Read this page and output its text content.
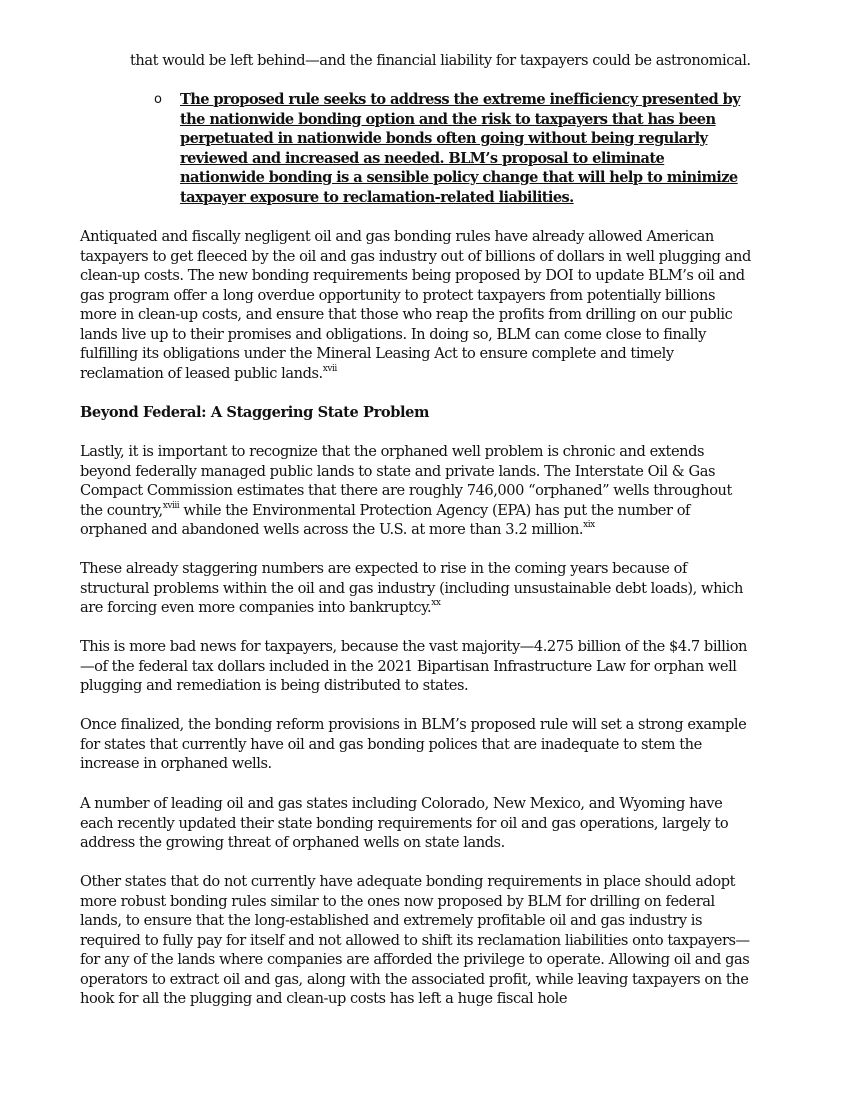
that would be left behind—and the financial liability for taxpayers could be astronomical.

o The proposed rule seeks to address the extreme inefficiency presented by the nationwide bonding option and the risk to taxpayers that has been perpetuated in nationwide bonds often going without being regularly reviewed and increased as needed. BLM’s proposal to eliminate nationwide bonding is a sensible policy change that will help to minimize taxpayer exposure to reclamation-related liabilities.

Antiquated and fiscally negligent oil and gas bonding rules have already allowed American taxpayers to get fleeced by the oil and gas industry out of billions of dollars in well plugging and clean-up costs. The new bonding requirements being proposed by DOI to update BLM’s oil and gas program offer a long overdue opportunity to protect taxpayers from potentially billions more in clean-up costs, and ensure that those who reap the profits from drilling on our public lands live up to their promises and obligations. In doing so, BLM can come close to finally fulfilling its obligations under the Mineral Leasing Act to ensure complete and timely reclamation of leased public lands.$^{xvii}$

Beyond Federal: A Staggering State Problem

Lastly, it is important to recognize that the orphaned well problem is chronic and extends beyond federally managed public lands to state and private lands. The Interstate Oil & Gas Compact Commission estimates that there are roughly 746,000 “orphaned” wells throughout the country,$^{xviii}$ while the Environmental Protection Agency (EPA) has put the number of orphaned and abandoned wells across the U.S. at more than 3.2 million.$^{xix}$

These already staggering numbers are expected to rise in the coming years because of structural problems within the oil and gas industry (including unsustainable debt loads), which are forcing even more companies into bankruptcy.$^{xx}$

This is more bad news for taxpayers, because the vast majority—4.275 billion of the $4.7 billion—of the federal tax dollars included in the 2021 Bipartisan Infrastructure Law for orphan well plugging and remediation is being distributed to states.

Once finalized, the bonding reform provisions in BLM’s proposed rule will set a strong example for states that currently have oil and gas bonding polices that are inadequate to stem the increase in orphaned wells.

A number of leading oil and gas states including Colorado, New Mexico, and Wyoming have each recently updated their state bonding requirements for oil and gas operations, largely to address the growing threat of orphaned wells on state lands.

Other states that do not currently have adequate bonding requirements in place should adopt more robust bonding rules similar to the ones now proposed by BLM for drilling on federal lands, to ensure that the long-established and extremely profitable oil and gas industry is required to fully pay for itself and not allowed to shift its reclamation liabilities onto taxpayers—for any of the lands where companies are afforded the privilege to operate. Allowing oil and gas operators to extract oil and gas, along with the associated profit, while leaving taxpayers on the hook for all the plugging and clean-up costs has left a huge fiscal hole
